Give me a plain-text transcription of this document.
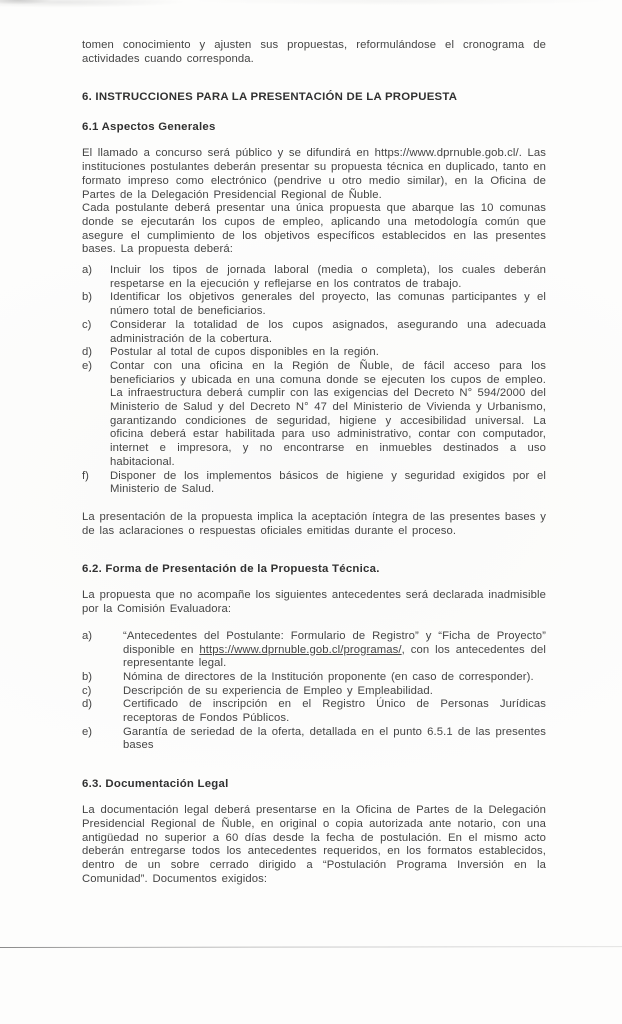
tomen conocimiento y ajusten sus propuestas, reformulándose el cronograma de actividades cuando corresponda.

6. INSTRUCCIONES PARA LA PRESENTACIÓN DE LA PROPUESTA

6.1 Aspectos Generales

El llamado a concurso será público y se difundirá en https://www.dprnuble.gob.cl/. Las instituciones postulantes deberán presentar su propuesta técnica en duplicado, tanto en formato impreso como electrónico (pendrive u otro medio similar), en la Oficina de Partes de la Delegación Presidencial Regional de Ñuble.

Cada postulante deberá presentar una única propuesta que abarque las 10 comunas donde se ejecutarán los cupos de empleo, aplicando una metodología común que asegure el cumplimiento de los objetivos específicos establecidos en las presentes bases. La propuesta deberá:

a)	Incluir los tipos de jornada laboral (media o completa), los cuales deberán respetarse en la ejecución y reflejarse en los contratos de trabajo.
b)	Identificar los objetivos generales del proyecto, las comunas participantes y el número total de beneficiarios.
c)	Considerar la totalidad de los cupos asignados, asegurando una adecuada administración de la cobertura.
d)	Postular al total de cupos disponibles en la región.
e)	Contar con una oficina en la Región de Ñuble, de fácil acceso para los beneficiarios y ubicada en una comuna donde se ejecuten los cupos de empleo. La infraestructura deberá cumplir con las exigencias del Decreto N° 594/2000 del Ministerio de Salud y del Decreto N° 47 del Ministerio de Vivienda y Urbanismo, garantizando condiciones de seguridad, higiene y accesibilidad universal. La oficina deberá estar habilitada para uso administrativo, contar con computador, internet e impresora, y no encontrarse en inmuebles destinados a uso habitacional.
f)	Disponer de los implementos básicos de higiene y seguridad exigidos por el Ministerio de Salud.

La presentación de la propuesta implica la aceptación íntegra de las presentes bases y de las aclaraciones o respuestas oficiales emitidas durante el proceso.

6.2. Forma de Presentación de la Propuesta Técnica.

La propuesta que no acompañe los siguientes antecedentes será declarada inadmisible por la Comisión Evaluadora:

a)	“Antecedentes del Postulante: Formulario de Registro” y “Ficha de Proyecto” disponible en https://www.dprnuble.gob.cl/programas/, con los antecedentes del representante legal.
b)	Nómina de directores de la Institución proponente (en caso de corresponder).
c)	Descripción de su experiencia de Empleo y Empleabilidad.
d)	Certificado de inscripción en el Registro Único de Personas Jurídicas receptoras de Fondos Públicos.
e)	Garantía de seriedad de la oferta, detallada en el punto 6.5.1 de las presentes bases

6.3. Documentación Legal

La documentación legal deberá presentarse en la Oficina de Partes de la Delegación Presidencial Regional de Ñuble, en original o copia autorizada ante notario, con una antigüedad no superior a 60 días desde la fecha de postulación. En el mismo acto deberán entregarse todos los antecedentes requeridos, en los formatos establecidos, dentro de un sobre cerrado dirigido a “Postulación Programa Inversión en la Comunidad”. Documentos exigidos:
